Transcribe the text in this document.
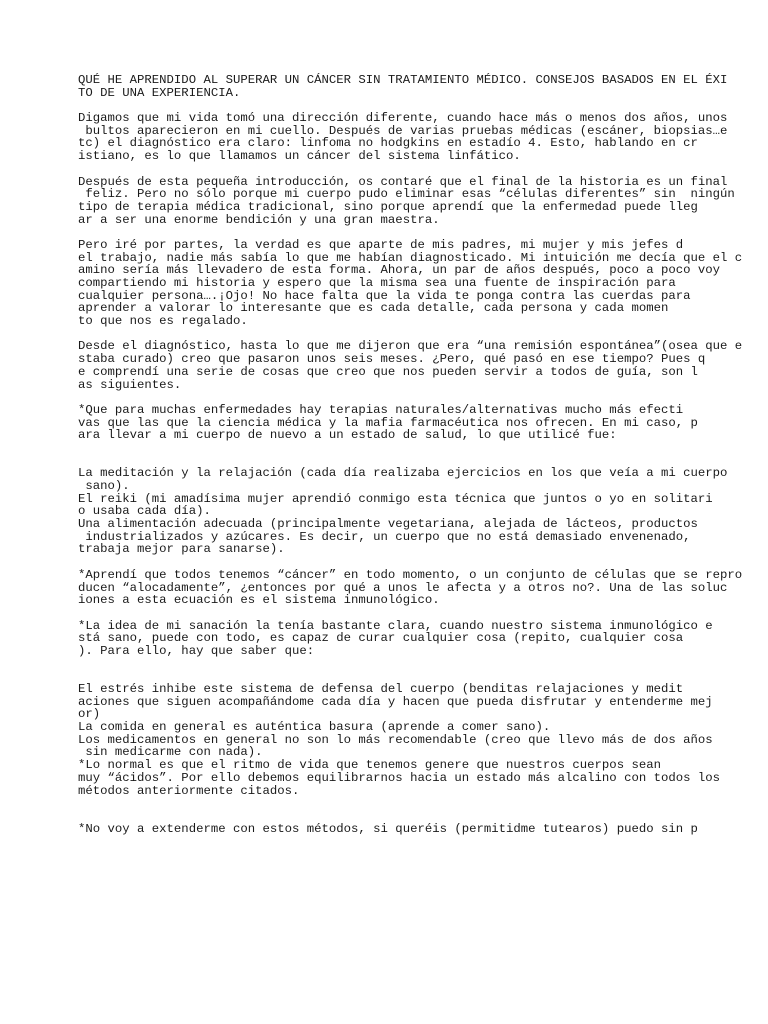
QUÉ HE APRENDIDO AL SUPERAR UN CÁNCER SIN TRATAMIENTO MÉDICO. CONSEJOS BASADOS EN EL ÉXI
TO DE UNA EXPERIENCIA.
Digamos que mi vida tomó una dirección diferente, cuando hace más o menos dos años, unos
bultos aparecieron en mi cuello. Después de varias pruebas médicas (escáner, biopsias…e
tc) el diagnóstico era claro: linfoma no hodgkins en estadío 4. Esto, hablando en cr
istiano, es lo que llamamos un cáncer del sistema linfático.
Después de esta pequeña introducción, os contaré que el final de la historia es un final
feliz. Pero no sólo porque mi cuerpo pudo eliminar esas “células diferentes” sin  ningún
tipo de terapia médica tradicional, sino porque aprendí que la enfermedad puede lleg
ar a ser una enorme bendición y una gran maestra.
Pero iré por partes, la verdad es que aparte de mis padres, mi mujer y mis jefes d
el trabajo, nadie más sabía lo que me habían diagnosticado. Mi intuición me decía que el c
amino sería más llevadero de esta forma. Ahora, un par de años después, poco a poco voy
compartiendo mi historia y espero que la misma sea una fuente de inspiración para
cualquier persona….¡Ojo! No hace falta que la vida te ponga contra las cuerdas para
aprender a valorar lo interesante que es cada detalle, cada persona y cada momen
to que nos es regalado.
Desde el diagnóstico, hasta lo que me dijeron que era “una remisión espontánea”(osea que e
staba curado) creo que pasaron unos seis meses. ¿Pero, qué pasó en ese tiempo? Pues q
e comprendí una serie de cosas que creo que nos pueden servir a todos de guía, son l
as siguientes.
*Que para muchas enfermedades hay terapias naturales/alternativas mucho más efecti
vas que las que la ciencia médica y la mafia farmacéutica nos ofrecen. En mi caso, p
ara llevar a mi cuerpo de nuevo a un estado de salud, lo que utilicé fue:
La meditación y la relajación (cada día realizaba ejercicios en los que veía a mi cuerpo
sano).
El reiki (mi amadísima mujer aprendió conmigo esta técnica que juntos o yo en solitari
o usaba cada día).
Una alimentación adecuada (principalmente vegetariana, alejada de lácteos, productos
industrializados y azúcares. Es decir, un cuerpo que no está demasiado envenenado,
trabaja mejor para sanarse).
*Aprendí que todos tenemos “cáncer” en todo momento, o un conjunto de células que se repro
ducen “alocadamente”, ¿entonces por qué a unos le afecta y a otros no?. Una de las soluc
iones a esta ecuación es el sistema inmunológico.
*La idea de mi sanación la tenía bastante clara, cuando nuestro sistema inmunológico e
stá sano, puede con todo, es capaz de curar cualquier cosa (repito, cualquier cosa
). Para ello, hay que saber que:
El estrés inhibe este sistema de defensa del cuerpo (benditas relajaciones y medit
aciones que siguen acompañándome cada día y hacen que pueda disfrutar y entenderme mej
or)
La comida en general es auténtica basura (aprende a comer sano).
Los medicamentos en general no son lo más recomendable (creo que llevo más de dos años
sin medicarme con nada).
*Lo normal es que el ritmo de vida que tenemos genere que nuestros cuerpos sean
muy “ácidos”. Por ello debemos equilibrarnos hacia un estado más alcalino con todos los
métodos anteriormente citados.
*No voy a extenderme con estos métodos, si queréis (permitidme tutearos) puedo sin p
